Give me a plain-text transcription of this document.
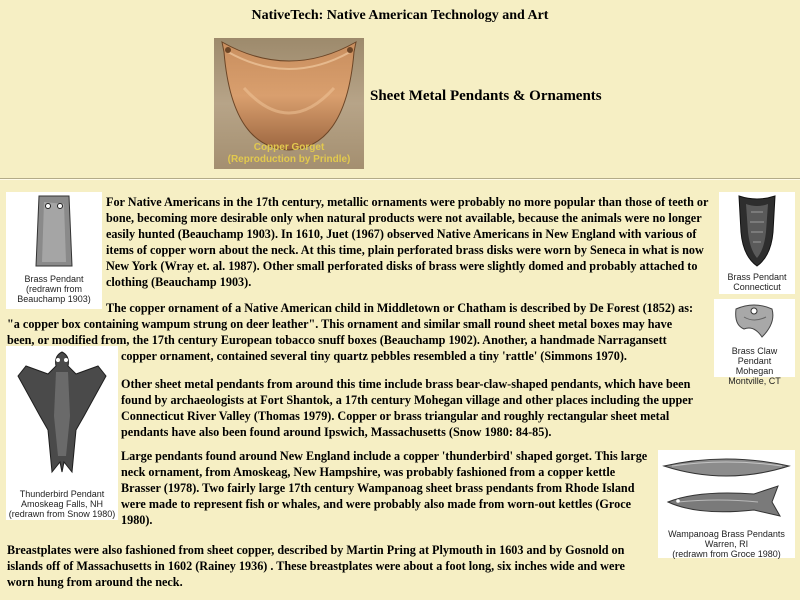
NativeTech: Native American Technology and Art
Copper Gorget
(Reproduction by Prindle)
Sheet Metal Pendants & Ornaments
Brass Pendant
(redrawn from
Beauchamp 1903)
Brass Pendant
Connecticut
Brass Claw Pendant
Mohegan
Montville, CT
Thunderbird Pendant
Amoskeag Falls, NH
(redrawn from Snow 1980)
Wampanoag Brass Pendants
Warren, RI
(redrawn from Groce 1980)

For Native Americans in the 17th century, metallic ornaments were probably no more popular than those of teeth or bone, becoming more desirable only when natural products were not available, because the animals were no longer easily hunted (Beauchamp 1903). In 1610, Juet (1967) observed Native Americans in New England with various of items of copper worn about the neck. At this time, plain perforated brass disks were worn by Seneca in what is now New York (Wray et. al. 1987). Other small perforated disks of brass were slightly domed and probably attached to clothing (Beauchamp 1903).

The copper ornament of a Native American child in Middletown or Chatham is described by De Forest (1852) as:

"a copper box containing wampum strung on deer leather". This ornament and similar small round sheet metal boxes may have

been, or modified from, the 17th century European tobacco snuff boxes (Beauchamp 1902). Another, a handmade Narragansett

copper ornament, contained several tiny quartz pebbles resembled a tiny 'rattle' (Simmons 1970).

Other sheet metal pendants from around this time include brass bear-claw-shaped pendants, which have been found by archaeologists at Fort Shantok, a 17th century Mohegan village and other places including the upper Connecticut River Valley (Thomas 1979). Copper or brass triangular and roughly rectangular sheet metal pendants have also been found around Ipswich, Massachusetts (Snow 1980: 84-85).

Large pendants found around New England include a copper 'thunderbird' shaped gorget. This large neck ornament, from Amoskeag, New Hampshire, was probably fashioned from a copper kettle Brasser (1978). Two fairly large 17th century Wampanoag sheet brass pendants from Rhode Island were made to represent fish or whales, and were probably also made from worn-out kettles (Groce 1980).

Breastplates were also fashioned from sheet copper, described by Martin Pring at Plymouth in 1603 and by Gosnold on islands off of Massachusetts in 1602 (Rainey 1936) . These breastplates were about a foot long, six inches wide and were worn hung from around the neck.
